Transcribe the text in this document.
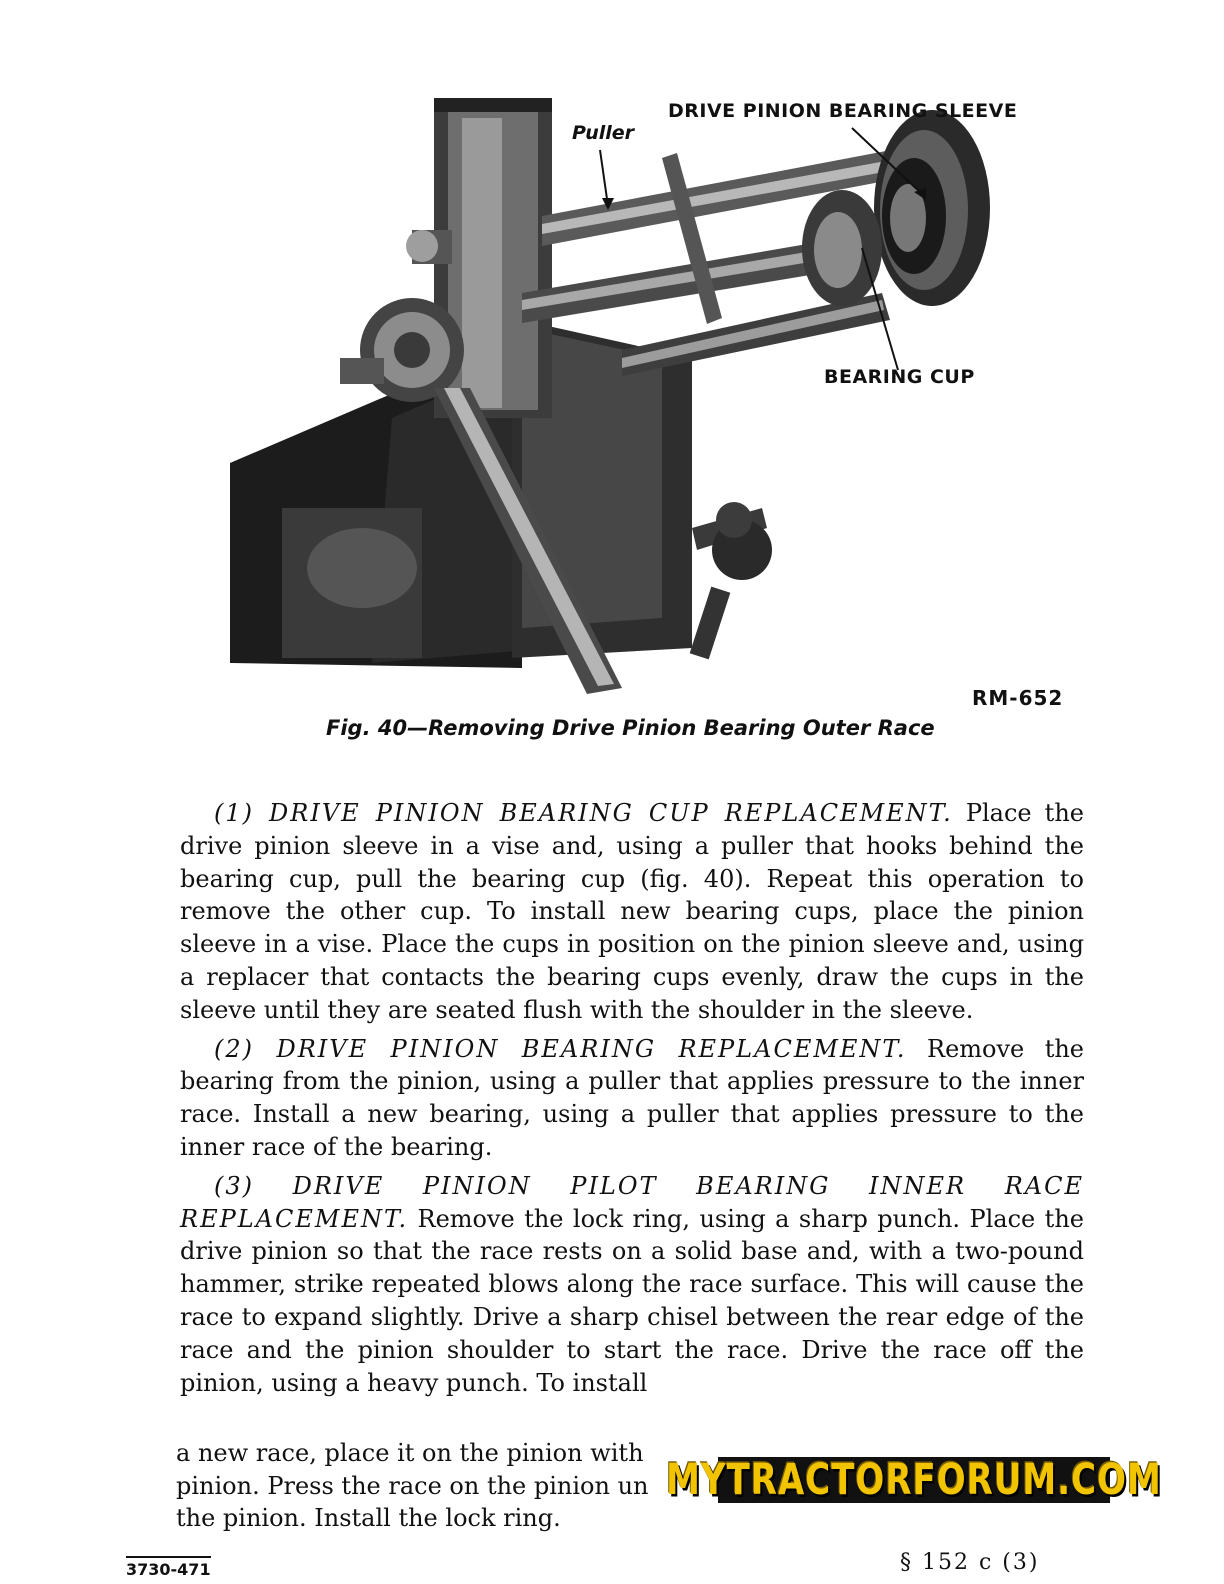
Puller
DRIVE PINION BEARING SLEEVE
BEARING CUP
RM-652
Fig. 40—Removing Drive Pinion Bearing Outer Race

(1) DRIVE PINION BEARING CUP REPLACEMENT. Place the drive pinion sleeve in a vise and, using a puller that hooks behind the bearing cup, pull the bearing cup (fig. 40). Repeat this operation to remove the other cup. To install new bearing cups, place the pinion sleeve in a vise. Place the cups in position on the pinion sleeve and, using a replacer that contacts the bearing cups evenly, draw the cups in the sleeve until they are seated flush with the shoulder in the sleeve.

(2) DRIVE PINION BEARING REPLACEMENT. Remove the bearing from the pinion, using a puller that applies pressure to the inner race. Install a new bearing, using a puller that applies pressure to the inner race of the bearing.

(3) DRIVE PINION PILOT BEARING INNER RACE REPLACEMENT. Remove the lock ring, using a sharp punch. Place the drive pinion so that the race rests on a solid base and, with a two-pound hammer, strike repeated blows along the race surface. This will cause the race to expand slightly. Drive a sharp chisel between the rear edge of the race and the pinion shoulder to start the race. Drive the race off the pinion, using a heavy punch. To install

a new race, place it on the pinion with
pinion. Press the race on the pinion un
the pinion. Install the lock ring.
MYTRACTORFORUM.COM
3730-471	§ 152 c (3)
